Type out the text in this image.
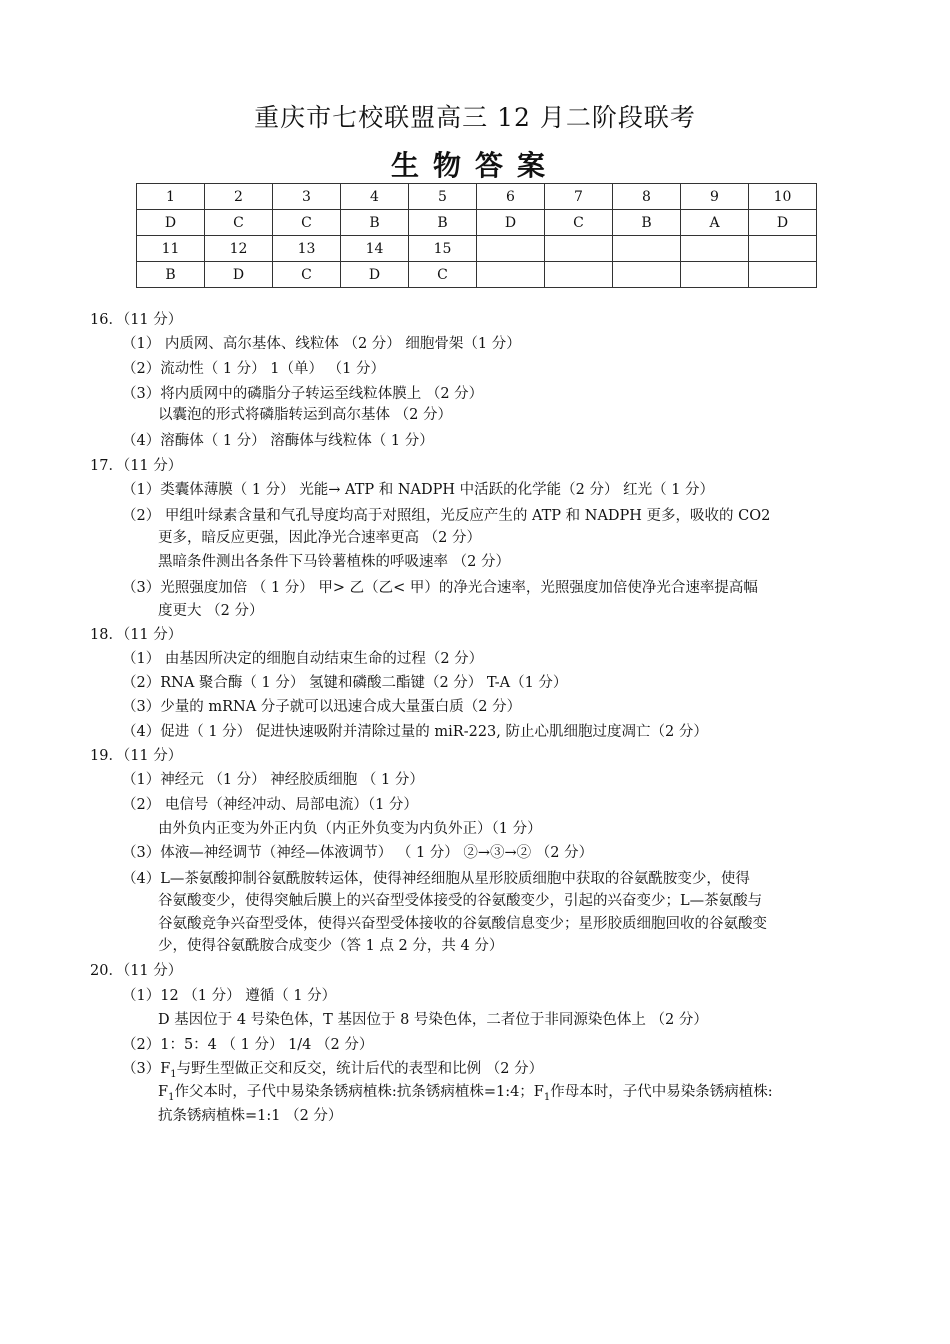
重庆市七校联盟高三 12 月二阶段联考
生物答案
1	2	3	4	5	6	7	8	9	10
D	C	C	B	B	D	C	B	A	D
11	12	13	14	15					
B	D	C	D	C					
16．（11 分）
（1） 内质网、高尔基体、线粒体 （2 分） 细胞骨架（1 分）
（2）流动性（ 1 分） 1（单） （1 分）
（3）将内质网中的磷脂分子转运至线粒体膜上 （2 分）
以囊泡的形式将磷脂转运到高尔基体 （2 分）
（4）溶酶体（ 1 分） 溶酶体与线粒体（ 1 分）
17．（11 分）
（1）类囊体薄膜（ 1 分） 光能→ ATP 和 NADPH 中活跃的化学能（2 分） 红光（ 1 分）
（2） 甲组叶绿素含量和气孔导度均高于对照组，光反应产生的 ATP 和 NADPH 更多，吸收的 CO2
更多，暗反应更强，因此净光合速率更高 （2 分）
黑暗条件测出各条件下马铃薯植株的呼吸速率 （2 分）
（3）光照强度加倍 （ 1 分） 甲> 乙（乙< 甲）的净光合速率，光照强度加倍使净光合速率提高幅
度更大 （2 分）
18．（11 分）
（1） 由基因所决定的细胞自动结束生命的过程（2 分）
（2）RNA 聚合酶（ 1 分） 氢键和磷酸二酯键（2 分） T-A（1 分）
（3）少量的 mRNA 分子就可以迅速合成大量蛋白质（2 分）
（4）促进（ 1 分） 促进快速吸附并清除过量的 miR-223, 防止心肌细胞过度凋亡（2 分）
19．（11 分）
（1）神经元 （1 分） 神经胶质细胞 （ 1 分）
（2） 电信号（神经冲动、局部电流）（1 分）
由外负内正变为外正内负（内正外负变为内负外正）（1 分）
（3）体液—神经调节（神经—体液调节） （ 1 分） ②→③→② （2 分）
（4）L—茶氨酸抑制谷氨酰胺转运体，使得神经细胞从星形胶质细胞中获取的谷氨酰胺变少，使得
谷氨酸变少，使得突触后膜上的兴奋型受体接受的谷氨酸变少，引起的兴奋变少；L—茶氨酸与
谷氨酸竞争兴奋型受体，使得兴奋型受体接收的谷氨酸信息变少；星形胶质细胞回收的谷氨酸变
少，使得谷氨酰胺合成变少（答 1 点 2 分，共 4 分）
20．（11 分）
（1）12 （1 分） 遵循（ 1 分）
D 基因位于 4 号染色体，T 基因位于 8 号染色体，二者位于非同源染色体上 （2 分）
（2）1：5：4 （ 1 分） 1/4 （2 分）
$(3)F_1$与野生型做正交和反交，统计后代的表型和比例 （2 分）
$F_1$作父本时，子代中易染条锈病植株:抗条锈病植株=1:4；$F_1$作母本时，子代中易染条锈病植株:
抗条锈病植株=1:1 （2 分）
